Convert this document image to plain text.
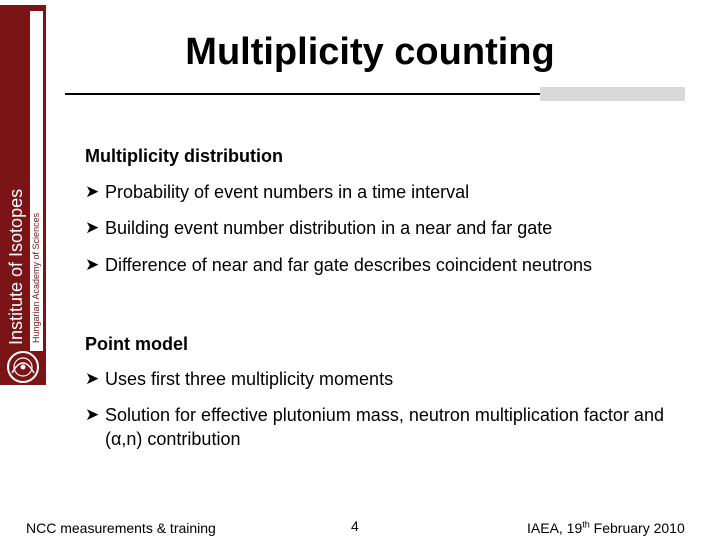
Institute of Isotopes Hungarian Academy of Sciences
Multiplicity counting
Multiplicity distribution
➤ Probability of event numbers in a time interval
➤ Building event number distribution in a near and far gate
➤ Difference of near and far gate describes coincident neutrons
Point model
➤ Uses first three multiplicity moments
➤ Solution for effective plutonium mass, neutron multiplication factor and (α,n) contribution
NCC measurements & training	4	IAEA, 19th February 2010
